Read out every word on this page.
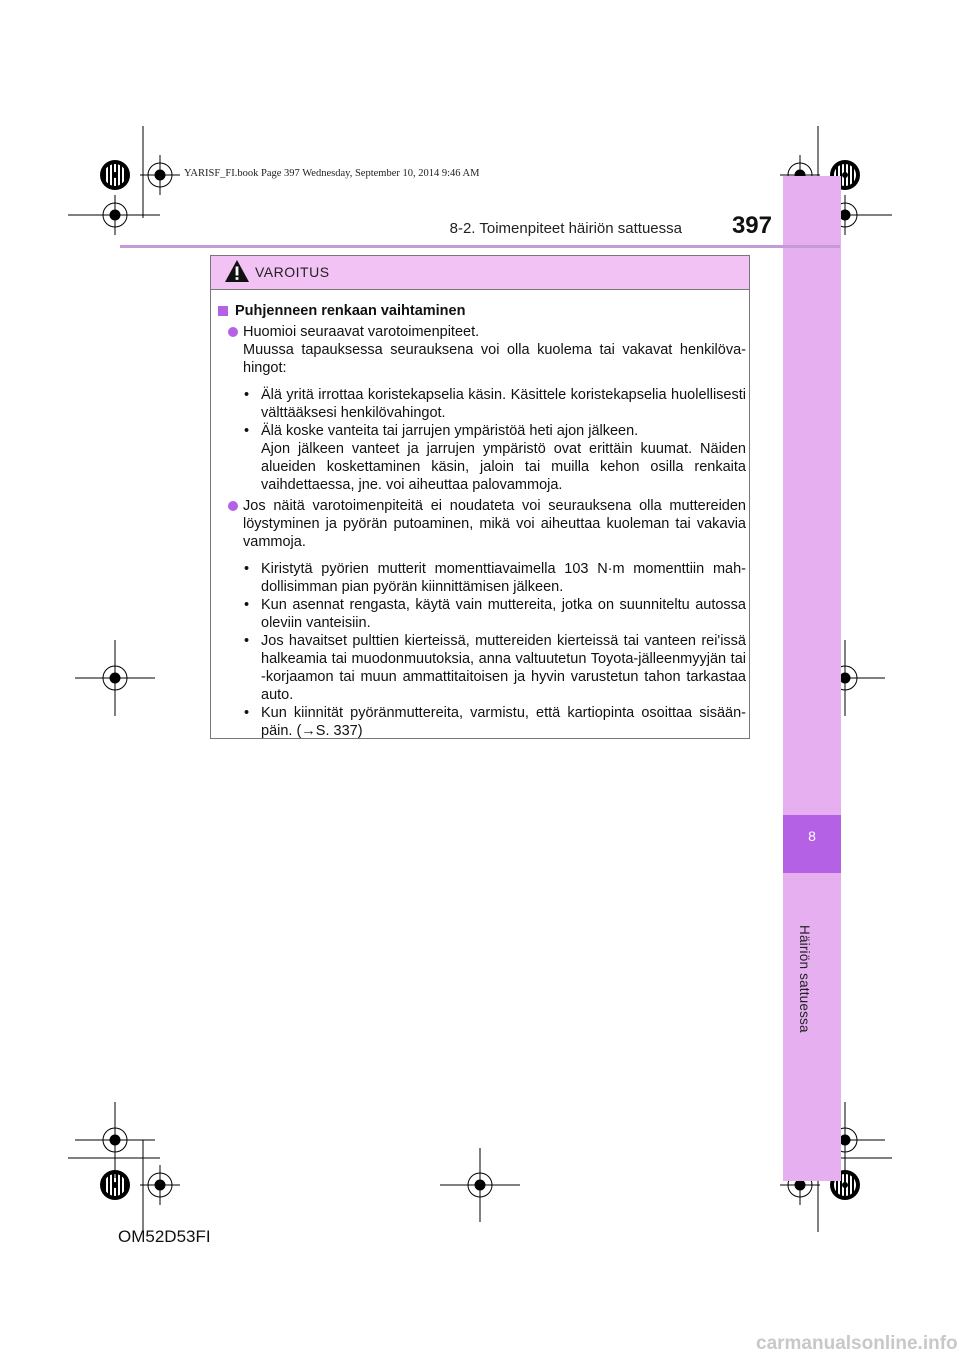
8
Häiriön sattuessa
YARISF_FI.book Page 397 Wednesday, September 10, 2014 9:46 AM
8-2. Toimenpiteet häiriön sattuessa	397
VAROITUS
Puhjenneen renkaan vaihtaminen
Huomioi seuraavat varotoimenpiteet.
Muussa tapauksessa seurauksena voi olla kuolema tai vakavat henkilövahingot:
• Älä yritä irrottaa koristekapselia käsin. Käsittele koristekapselia huolellisesti välttääksesi henkilövahingot.
• Älä koske vanteita tai jarrujen ympäristöä heti ajon jälkeen.
Ajon jälkeen vanteet ja jarrujen ympäristö ovat erittäin kuumat. Näiden alueiden koskettaminen käsin, jaloin tai muilla kehon osilla renkaita vaihdettaessa, jne. voi aiheuttaa palovammoja.
Jos näitä varotoimenpiteitä ei noudateta voi seurauksena olla muttereiden löystyminen ja pyörän putoaminen, mikä voi aiheuttaa kuoleman tai vakavia vammoja.
• Kiristytä pyörien mutterit momenttiavaimella 103 N·m momenttiin mahdollisimman pian pyörän kiinnittämisen jälkeen.
• Kun asennat rengasta, käytä vain muttereita, jotka on suunniteltu autossa oleviin vanteisiin.
• Jos havaitset pulttien kierteissä, muttereiden kierteissä tai vanteen rei'issä halkeamia tai muodonmuutoksia, anna valtuutetun Toyota-jälleenmyyjän tai -korjaamon tai muun ammattitaitoisen ja hyvin varustetun tahon tarkastaa auto.
• Kun kiinnität pyöränmuttereita, varmistu, että kartiopinta osoittaa sisäänpäin. (→S. 337)
OM52D53FI
carmanualsonline.info
